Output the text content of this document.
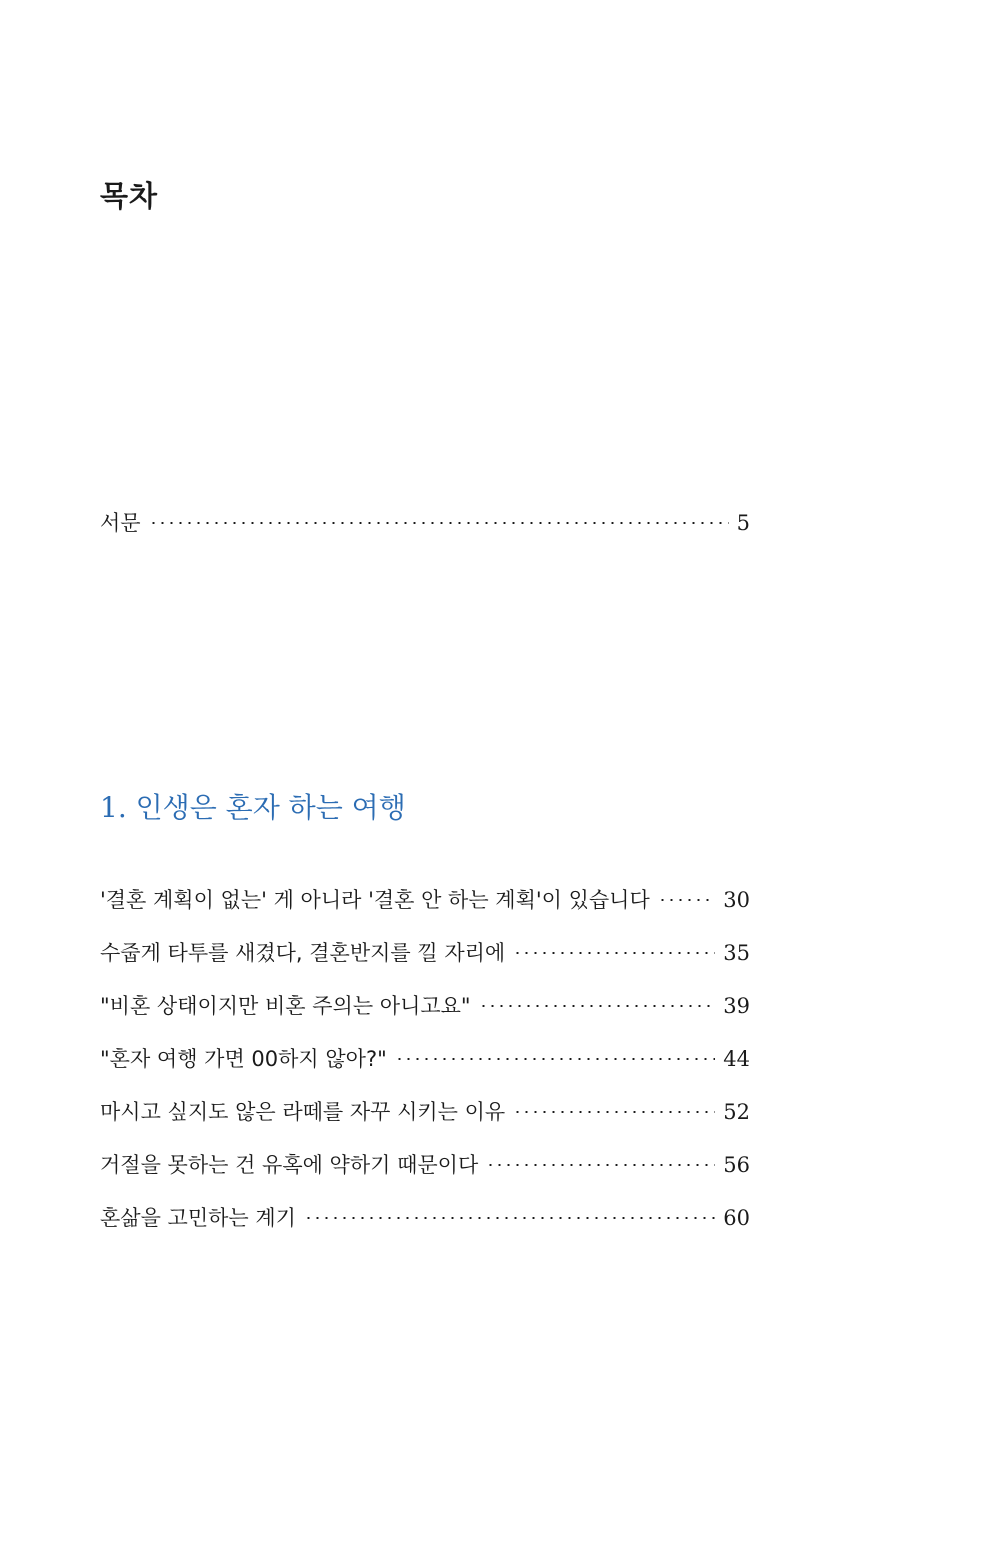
목차
서문	5
1. 인생은 혼자 하는 여행
'결혼 계획이 없는' 게 아니라 '결혼 안 하는 계획'이 있습니다	30
수줍게 타투를 새겼다, 결혼반지를 낄 자리에	35
"비혼 상태이지만 비혼 주의는 아니고요"	39
"혼자 여행 가면 00하지 않아?"	44
마시고 싶지도 않은 라떼를 자꾸 시키는 이유	52
거절을 못하는 건 유혹에 약하기 때문이다	56
혼삶을 고민하는 계기	60
